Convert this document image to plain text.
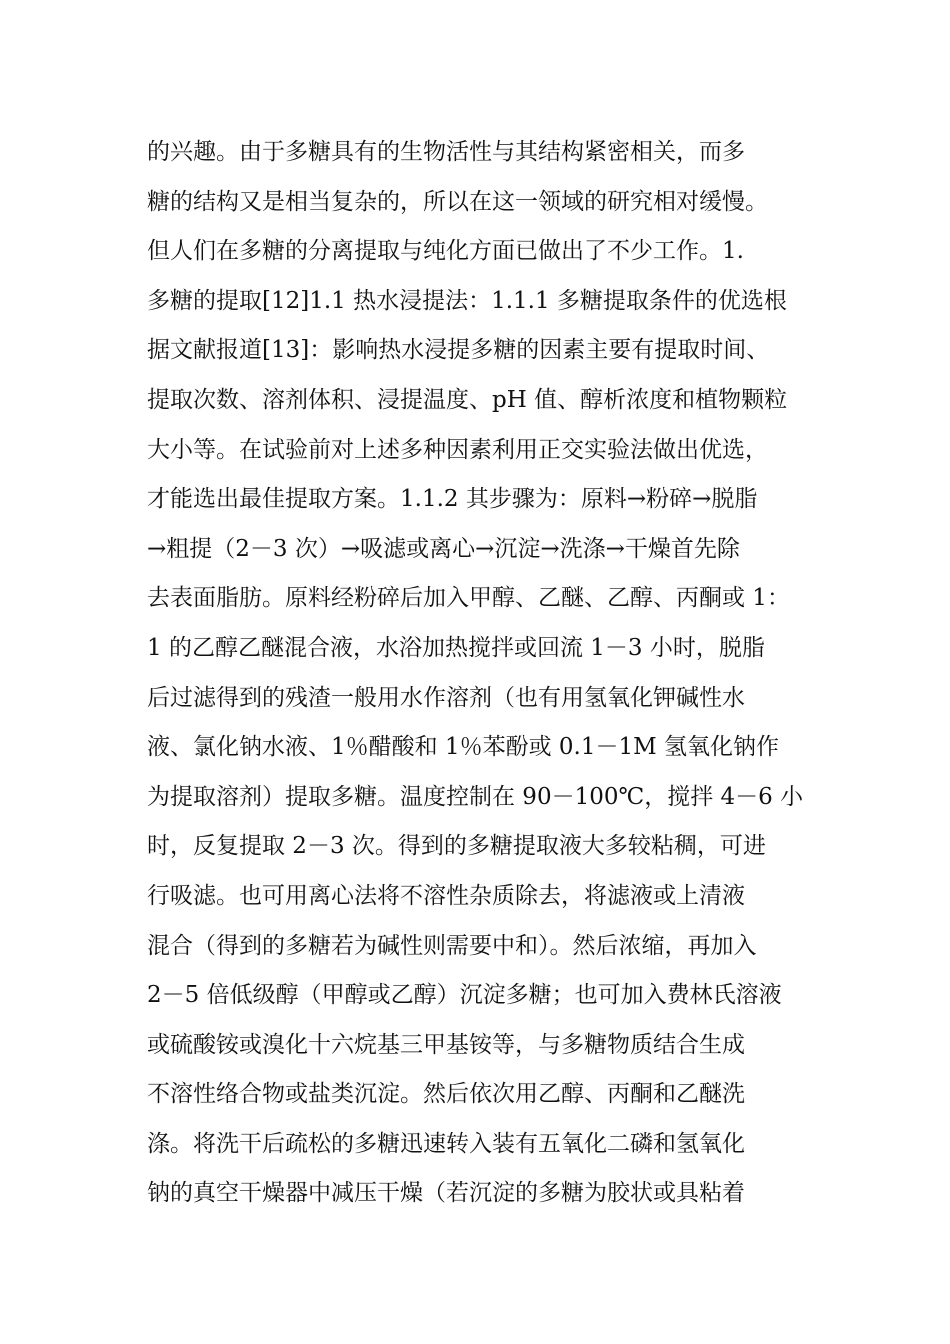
的兴趣。由于多糖具有的生物活性与其结构紧密相关，而多
糖的结构又是相当复杂的，所以在这一领域的研究相对缓慢。
但人们在多糖的分离提取与纯化方面已做出了不少工作。1.
多糖的提取[12]1.1 热水浸提法：1.1.1 多糖提取条件的优选根
据文献报道[13]：影响热水浸提多糖的因素主要有提取时间、
提取次数、溶剂体积、浸提温度、pH 值、醇析浓度和植物颗粒
大小等。在试验前对上述多种因素利用正交实验法做出优选，
才能选出最佳提取方案。1.1.2 其步骤为：原料→粉碎→脱脂
→粗提（2－3 次）→吸滤或离心→沉淀→洗涤→干燥首先除
去表面脂肪。原料经粉碎后加入甲醇、乙醚、乙醇、丙酮或 1：
1 的乙醇乙醚混合液，水浴加热搅拌或回流 1－3 小时，脱脂
后过滤得到的残渣一般用水作溶剂（也有用氢氧化钾碱性水
液、氯化钠水液、1％醋酸和 1％苯酚或 0.1－1M 氢氧化钠作
为提取溶剂）提取多糖。温度控制在 90－100℃，搅拌 4－6 小
时，反复提取 2－3 次。得到的多糖提取液大多较粘稠，可进
行吸滤。也可用离心法将不溶性杂质除去，将滤液或上清液
混合（得到的多糖若为碱性则需要中和）。然后浓缩，再加入
2－5 倍低级醇（甲醇或乙醇）沉淀多糖；也可加入费林氏溶液
或硫酸铵或溴化十六烷基三甲基铵等，与多糖物质结合生成
不溶性络合物或盐类沉淀。然后依次用乙醇、丙酮和乙醚洗
涤。将洗干后疏松的多糖迅速转入装有五氧化二磷和氢氧化
钠的真空干燥器中减压干燥（若沉淀的多糖为胶状或具粘着
